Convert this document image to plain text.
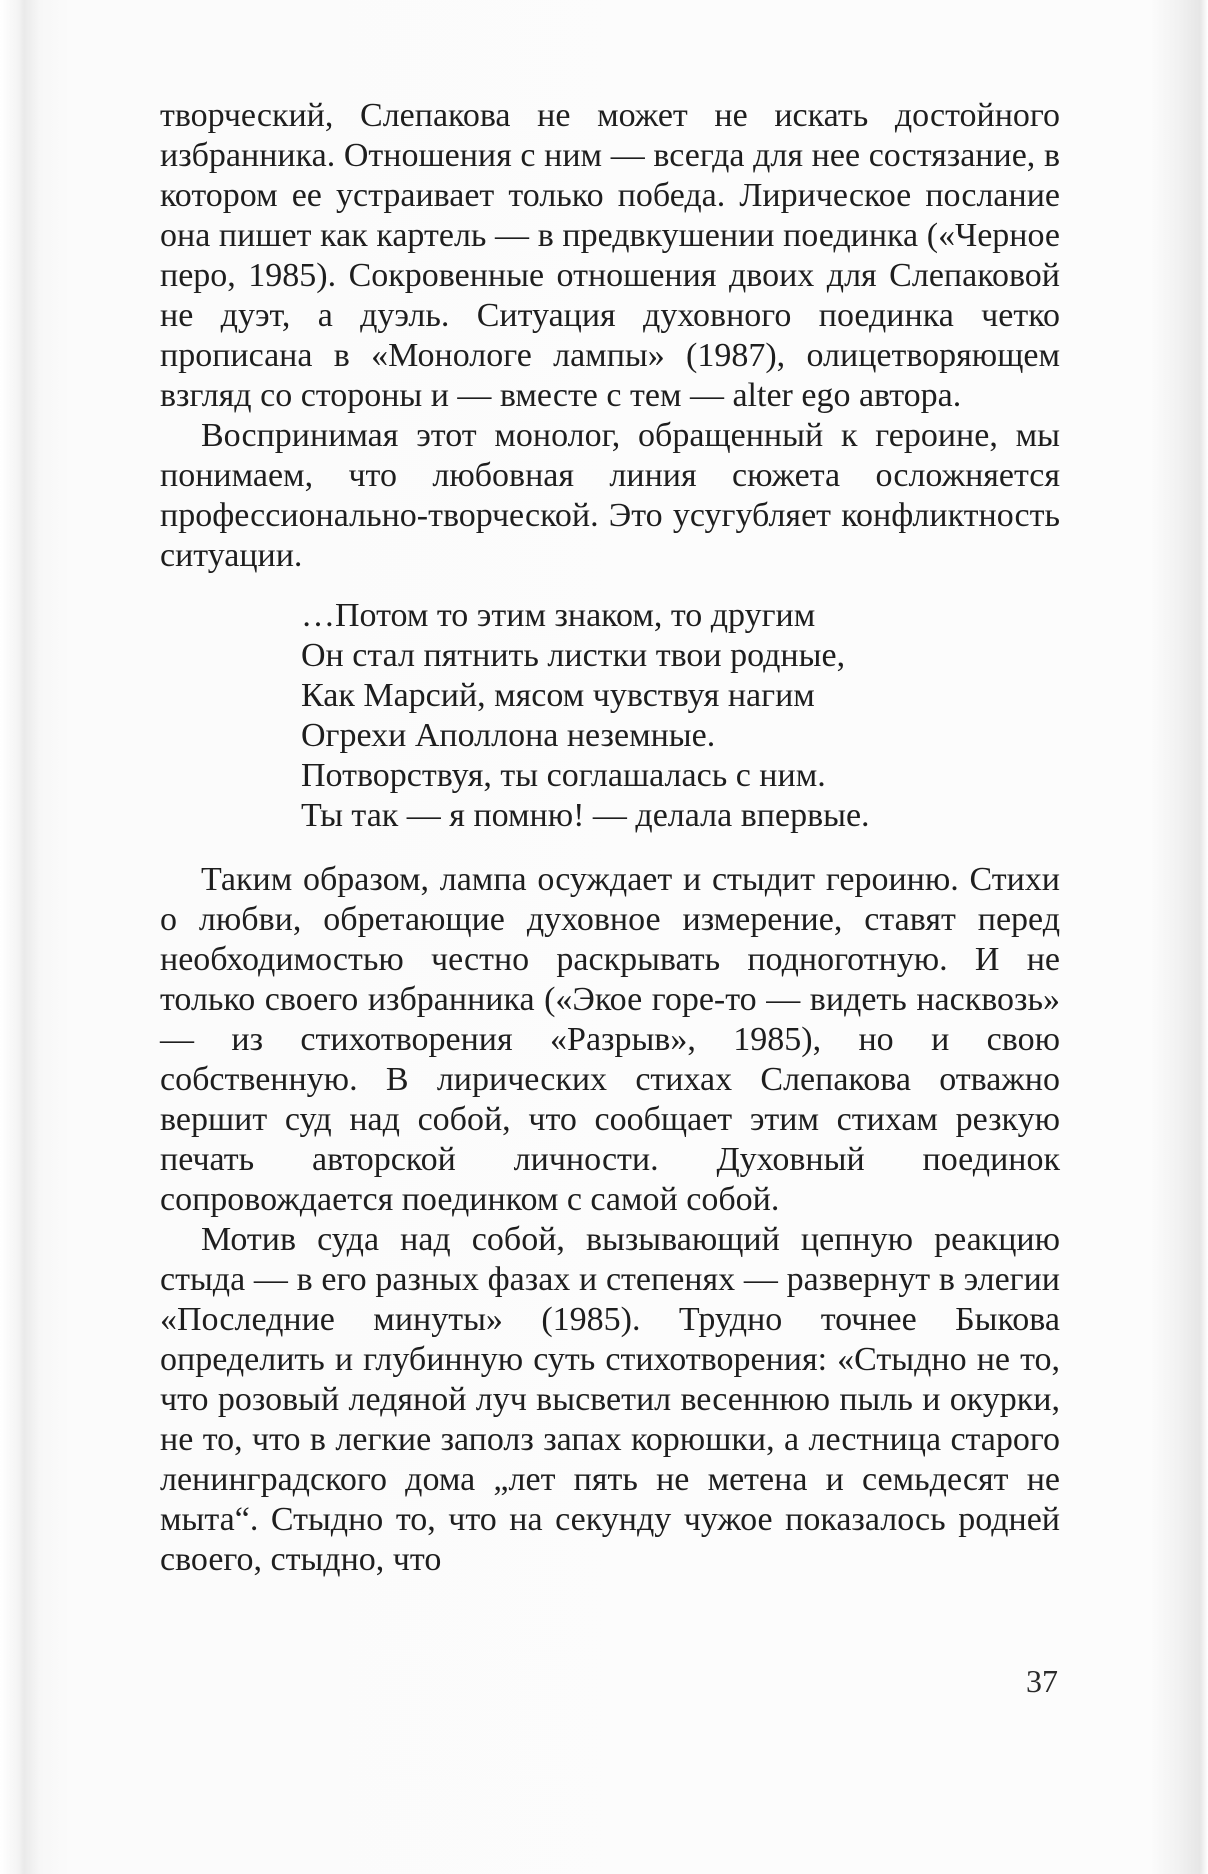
творческий, Слепакова не может не искать достойного избранника. Отношения с ним — всегда для нее состязание, в котором ее устраивает только победа. Лирическое послание она пишет как картель — в предвкушении поединка («Черное перо, 1985). Сокровенные отношения двоих для Слепаковой не дуэт, а дуэль. Ситуация духовного поединка четко прописана в «Монологе лампы» (1987), олицетворяющем взгляд со стороны и — вместе с тем — alter ego автора.

Воспринимая этот монолог, обращенный к героине, мы понимаем, что любовная линия сюжета осложняется профессионально-творческой. Это усугубляет конфликтность ситуации.

…Потом то этим знаком, то другим
Он стал пятнить листки твои родные,
Как Марсий, мясом чувствуя нагим
Огрехи Аполлона неземные.
Потворствуя, ты соглашалась с ним.
Ты так — я помню! — делала впервые.

Таким образом, лампа осуждает и стыдит героиню. Стихи о любви, обретающие духовное измерение, ставят перед необходимостью честно раскрывать подноготную. И не только своего избранника («Экое горе-то — видеть насквозь» — из стихотворения «Разрыв», 1985), но и свою собственную. В лирических стихах Слепакова отважно вершит суд над собой, что сообщает этим стихам резкую печать авторской личности. Духовный поединок сопровождается поединком с самой собой.

Мотив суда над собой, вызывающий цепную реакцию стыда — в его разных фазах и степенях — развернут в элегии «Последние минуты» (1985). Трудно точнее Быкова определить и глубинную суть стихотворения: «Стыдно не то, что розовый ледяной луч высветил весеннюю пыль и окурки, не то, что в легкие заполз запах корюшки, а лестница старого ленинградского дома „лет пять не метена и семьдесят не мыта“. Стыдно то, что на секунду чужое показалось родней своего, стыдно, что

37
